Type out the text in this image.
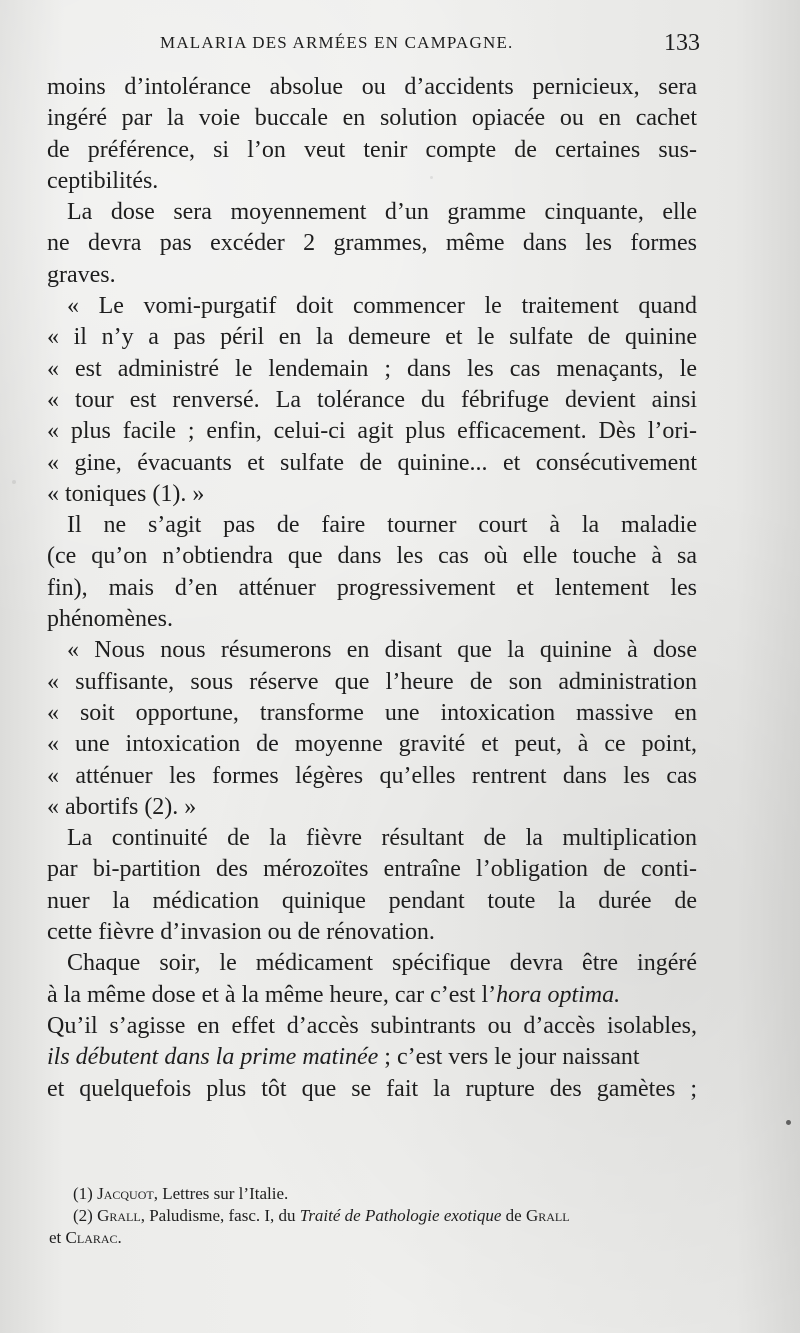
MALARIA DES ARMÉES EN CAMPAGNE.	133
moins d’intolérance absolue ou d’accidents pernicieux, sera
ingéré par la voie buccale en solution opiacée ou en cachet
de préférence, si l’on veut tenir compte de certaines sus-
ceptibilités.
La dose sera moyennement d’un gramme cinquante, elle
ne devra pas excéder 2 grammes, même dans les formes
graves.
« Le vomi-purgatif doit commencer le traitement quand
« il n’y a pas péril en la demeure et le sulfate de quinine
« est administré le lendemain ; dans les cas menaçants, le
« tour est renversé. La tolérance du fébrifuge devient ainsi
« plus facile ; enfin, celui-ci agit plus efficacement. Dès l’ori-
« gine, évacuants et sulfate de quinine... et consécutivement
« toniques (1). »
Il ne s’agit pas de faire tourner court à la maladie
(ce qu’on n’obtiendra que dans les cas où elle touche à sa
fin), mais d’en atténuer progressivement et lentement les
phénomènes.
« Nous nous résumerons en disant que la quinine à dose
« suffisante, sous réserve que l’heure de son administration
« soit opportune, transforme une intoxication massive en
« une intoxication de moyenne gravité et peut, à ce point,
« atténuer les formes légères qu’elles rentrent dans les cas
« abortifs (2). »
La continuité de la fièvre résultant de la multiplication
par bi-partition des mérozoïtes entraîne l’obligation de conti-
nuer la médication quinique pendant toute la durée de
cette fièvre d’invasion ou de rénovation.
Chaque soir, le médicament spécifique devra être ingéré
à la même dose et à la même heure, car c’est l’hora optima.
Qu’il s’agisse en effet d’accès subintrants ou d’accès isolables,
ils débutent dans la prime matinée ; c’est vers le jour naissant
et quelquefois plus tôt que se fait la rupture des gamètes ;
(1) Jacquot, Lettres sur l’Italie.
(2) Grall, Paludisme, fasc. I, du Traité de Pathologie exotique de Grall
et Clarac.
